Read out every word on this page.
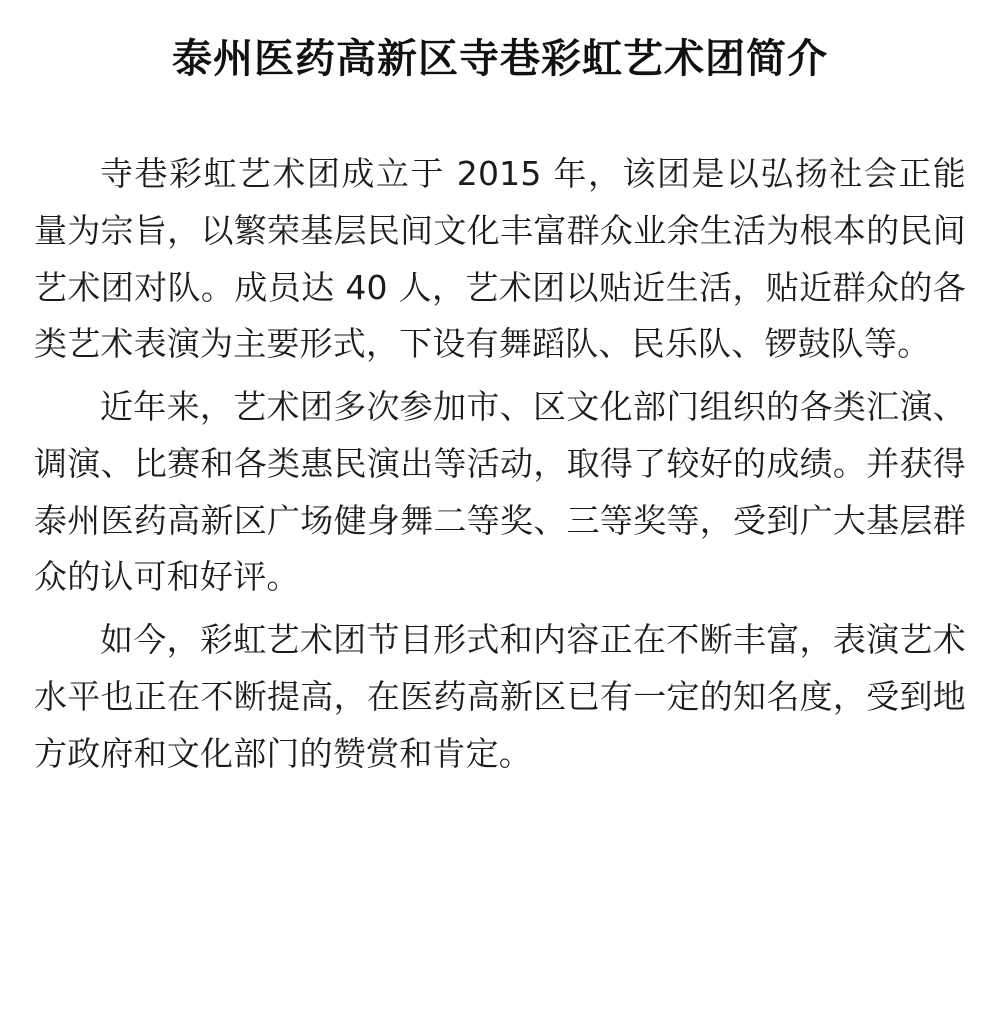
泰州医药高新区寺巷彩虹艺术团简介

寺巷彩虹艺术团成立于 2015 年，该团是以弘扬社会正能量为宗旨，以繁荣基层民间文化丰富群众业余生活为根本的民间艺术团对队。成员达 40 人，艺术团以贴近生活，贴近群众的各类艺术表演为主要形式，下设有舞蹈队、民乐队、锣鼓队等。

近年来，艺术团多次参加市、区文化部门组织的各类汇演、调演、比赛和各类惠民演出等活动，取得了较好的成绩。并获得泰州医药高新区广场健身舞二等奖、三等奖等，受到广大基层群众的认可和好评。

如今，彩虹艺术团节目形式和内容正在不断丰富，表演艺术水平也正在不断提高，在医药高新区已有一定的知名度，受到地方政府和文化部门的赞赏和肯定。
